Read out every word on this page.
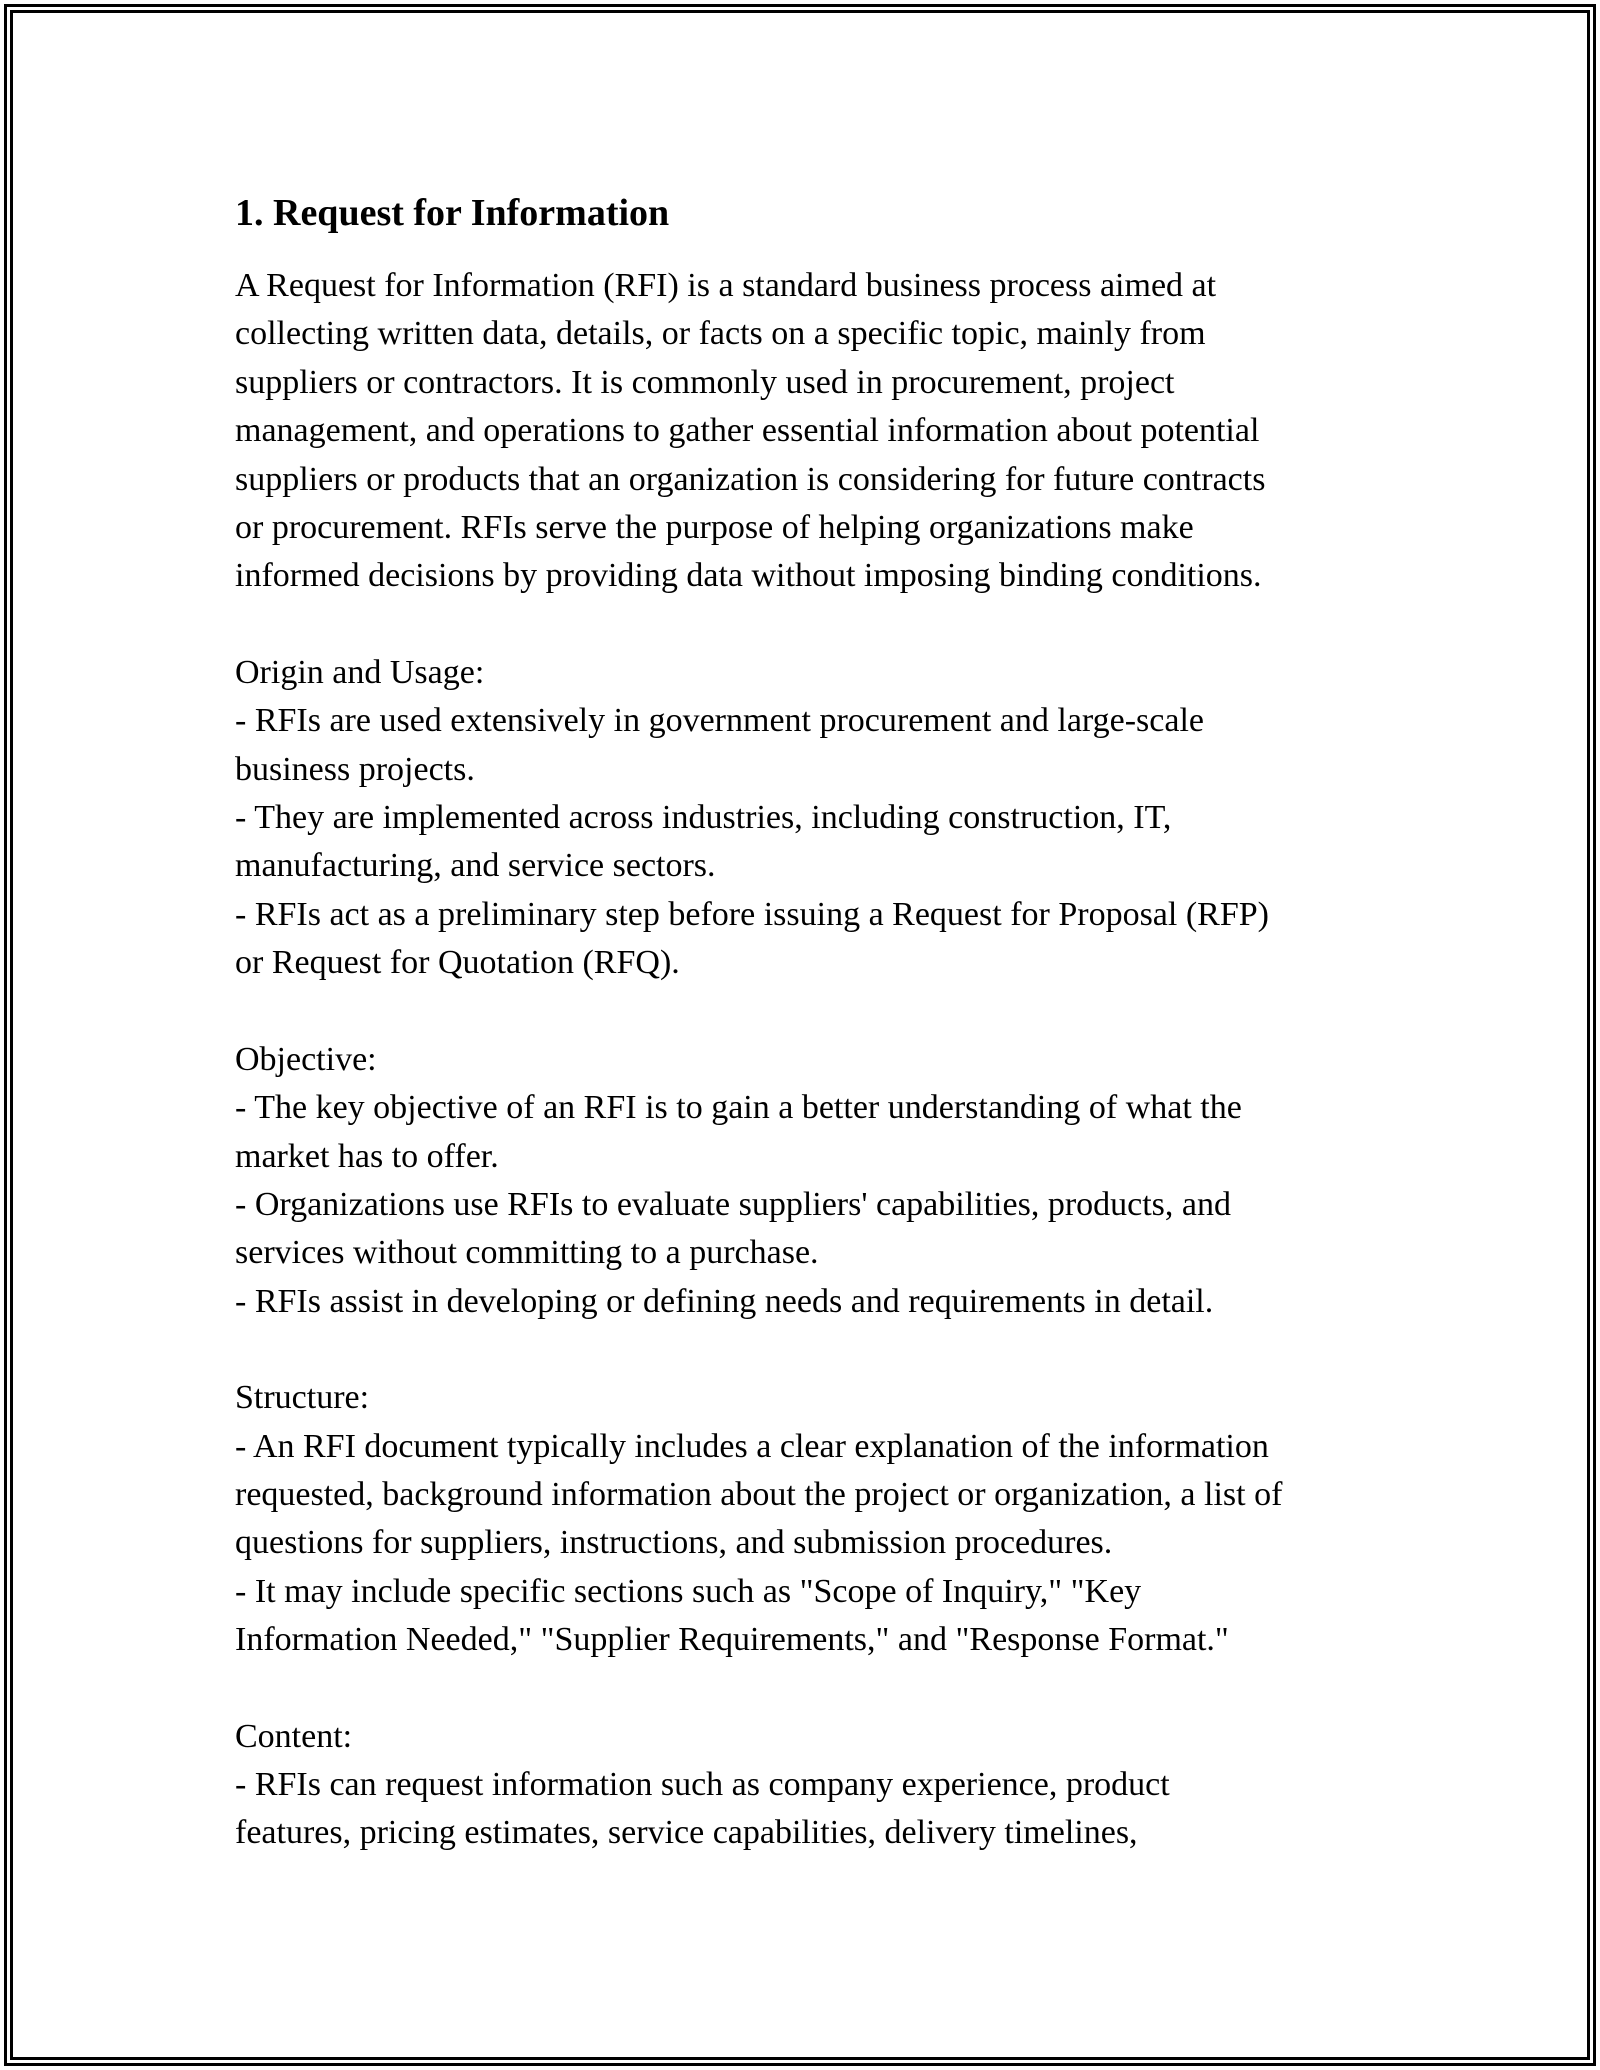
1. Request for Information

A Request for Information (RFI) is a standard business process aimed at

collecting written data, details, or facts on a specific topic, mainly from

suppliers or contractors. It is commonly used in procurement, project

management, and operations to gather essential information about potential

suppliers or products that an organization is considering for future contracts

or procurement. RFIs serve the purpose of helping organizations make

informed decisions by providing data without imposing binding conditions.

Origin and Usage:

- RFIs are used extensively in government procurement and large-scale

business projects.

- They are implemented across industries, including construction, IT,

manufacturing, and service sectors.

- RFIs act as a preliminary step before issuing a Request for Proposal (RFP)

or Request for Quotation (RFQ).

Objective:

- The key objective of an RFI is to gain a better understanding of what the

market has to offer.

- Organizations use RFIs to evaluate suppliers' capabilities, products, and

services without committing to a purchase.

- RFIs assist in developing or defining needs and requirements in detail.

Structure:

- An RFI document typically includes a clear explanation of the information

requested, background information about the project or organization, a list of

questions for suppliers, instructions, and submission procedures.

- It may include specific sections such as "Scope of Inquiry," "Key

Information Needed," "Supplier Requirements," and "Response Format."

Content:

- RFIs can request information such as company experience, product

features, pricing estimates, service capabilities, delivery timelines,
